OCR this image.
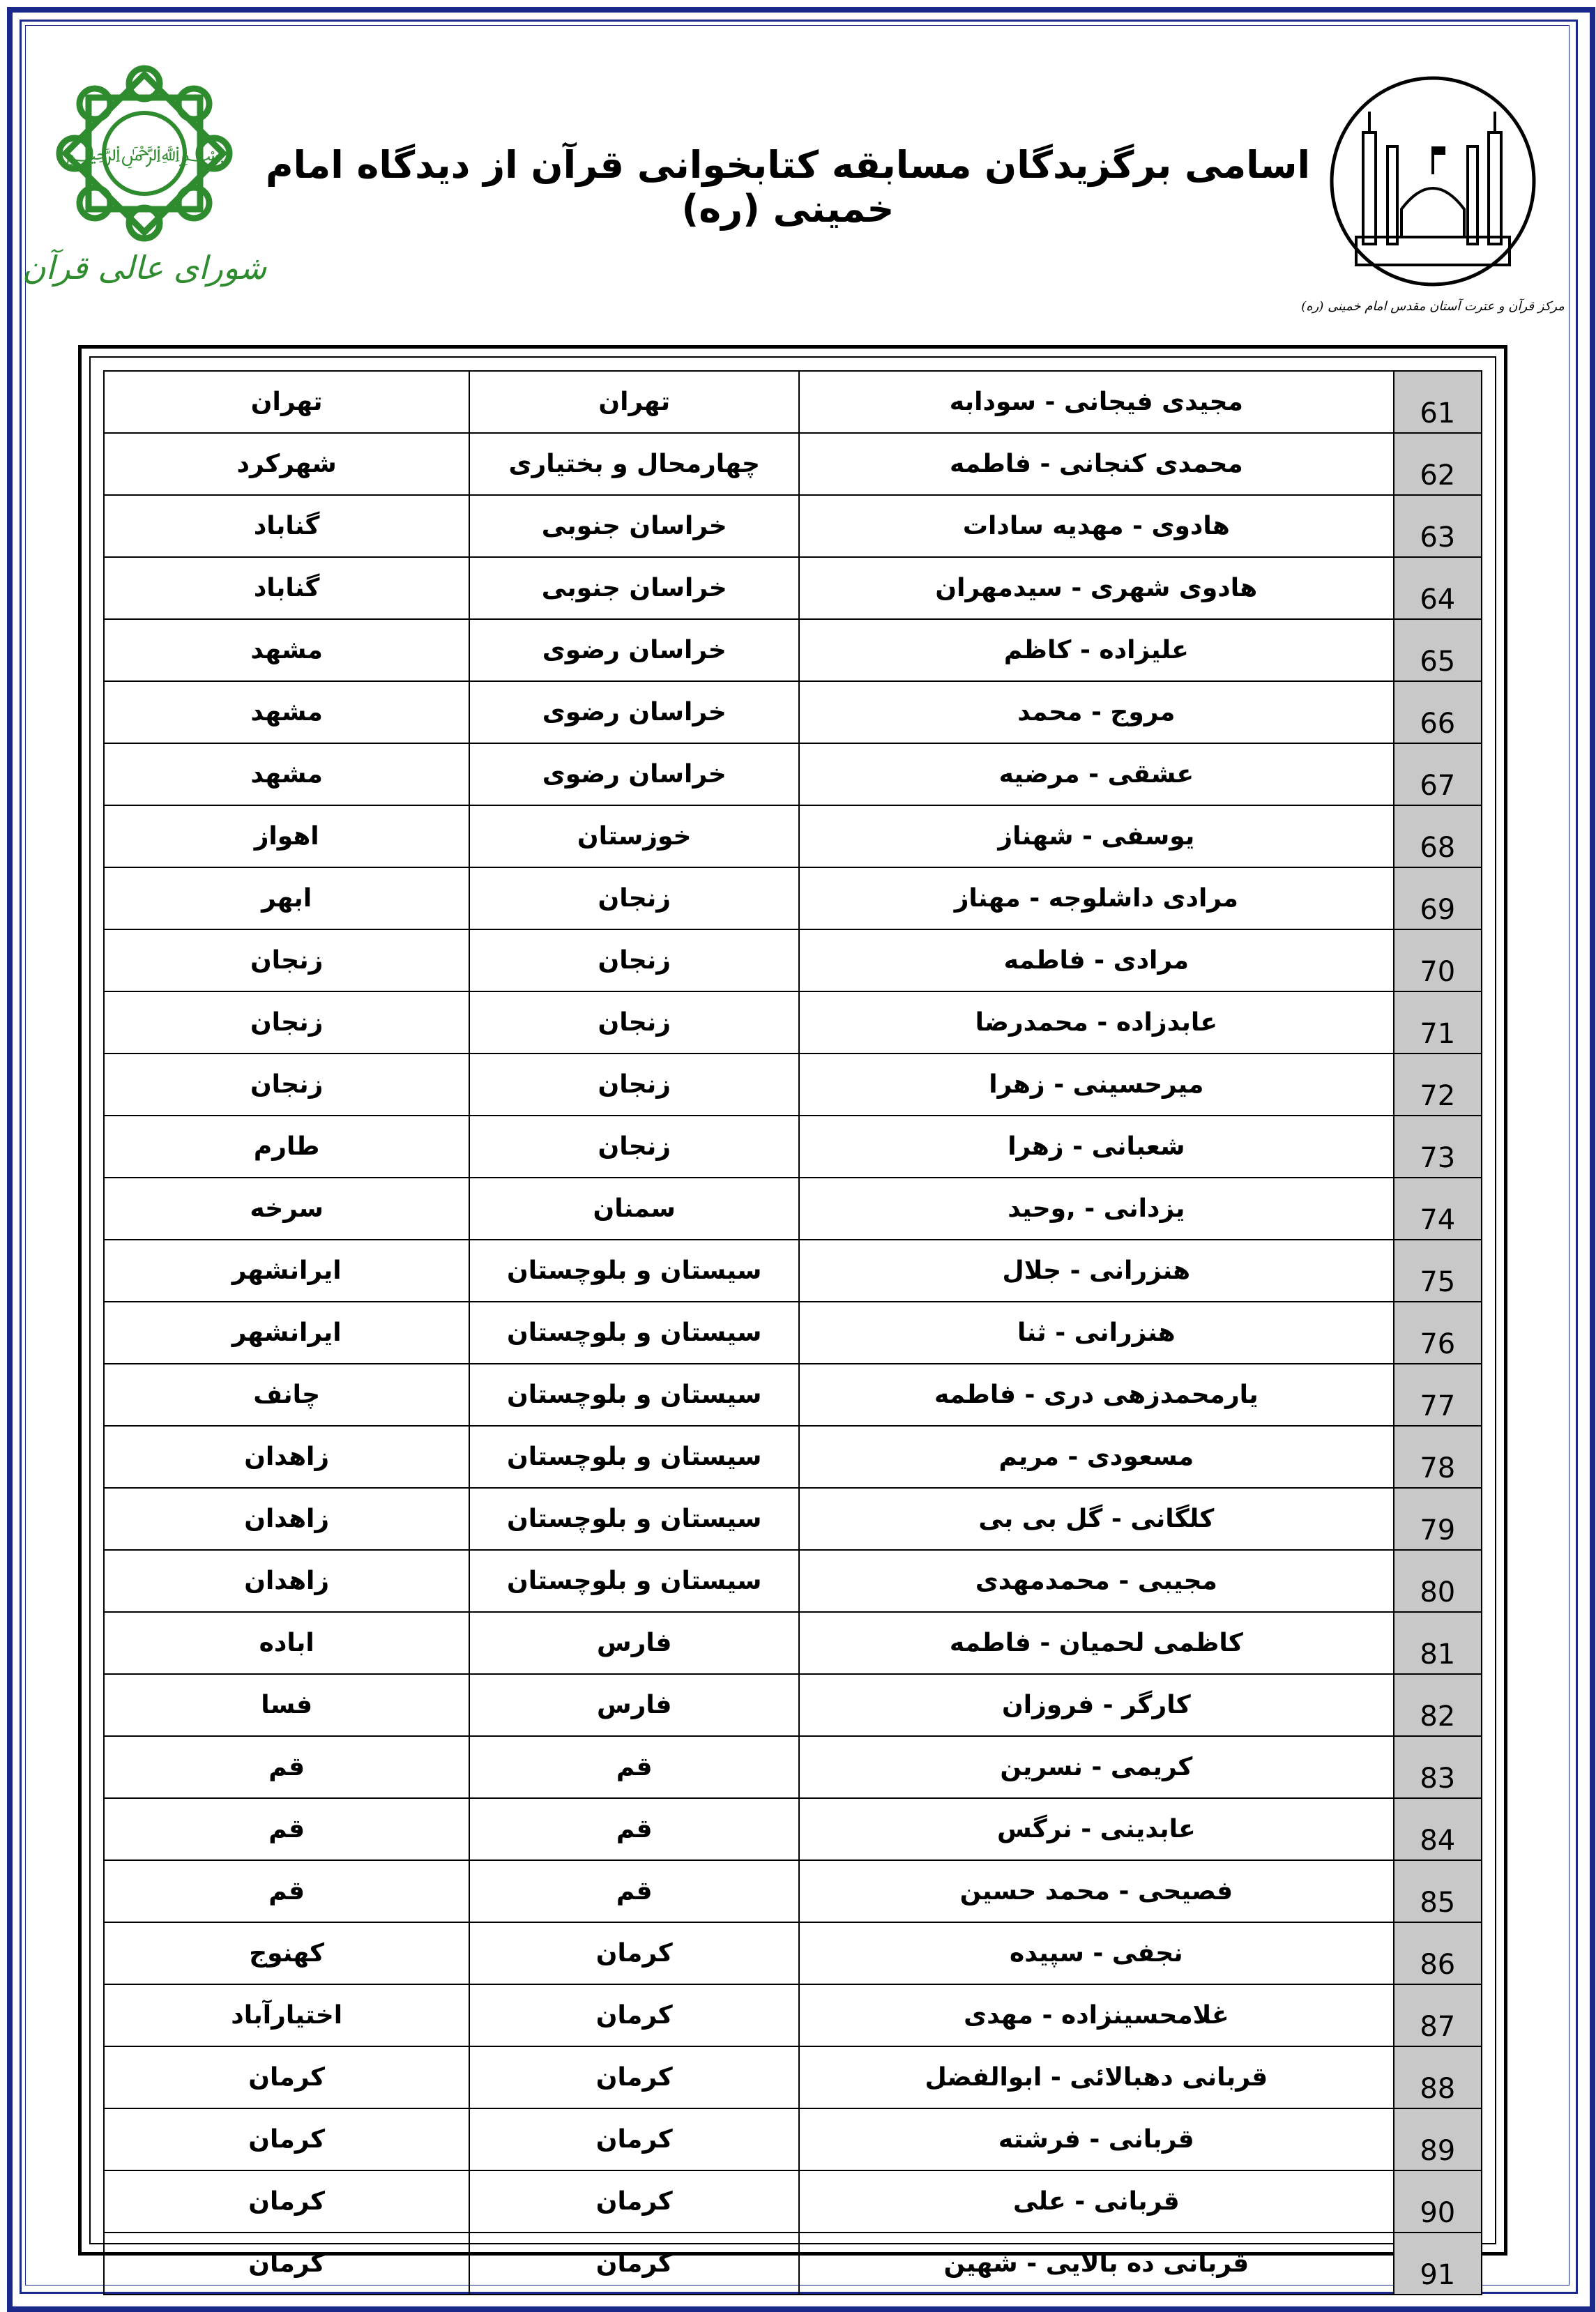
﷽
شورای عالی قرآن
اسامی برگزیدگان مسابقه کتابخوانی قرآن از دیدگاه امام خمینی (ره)
مرکز قرآن و عترت آستان مقدس امام خمینی (ره)
61	مجیدی فیجانی - سودابه	تهران	تهران
62	محمدی کنجانی - فاطمه	چهارمحال و بختیاری	شهرکرد
63	هادوی - مهدیه سادات	خراسان جنوبی	گناباد
64	هادوی شهری - سیدمهران	خراسان جنوبی	گناباد
65	علیزاده - کاظم	خراسان رضوی	مشهد
66	مروج - محمد	خراسان رضوی	مشهد
67	عشقی - مرضیه	خراسان رضوی	مشهد
68	یوسفی - شهناز	خوزستان	اهواز
69	مرادی داشلوجه - مهناز	زنجان	ابهر
70	مرادی - فاطمه	زنجان	زنجان
71	عابدزاده - محمدرضا	زنجان	زنجان
72	میرحسینی - زهرا	زنجان	زنجان
73	شعبانی - زهرا	زنجان	طارم
74	یزدانی - ,وحید	سمنان	سرخه
75	هنزرانی - جلال	سیستان و بلوچستان	ایرانشهر
76	هنزرانی - ثنا	سیستان و بلوچستان	ایرانشهر
77	یارمحمدزهی دری - فاطمه	سیستان و بلوچستان	چانف
78	مسعودی - مریم	سیستان و بلوچستان	زاهدان
79	کلگانی - گل بی بی	سیستان و بلوچستان	زاهدان
80	مجیبی - محمدمهدی	سیستان و بلوچستان	زاهدان
81	کاظمی لحمیان - فاطمه	فارس	اباده
82	کارگر - فروزان	فارس	فسا
83	کریمی - نسرین	قم	قم
84	عابدینی - نرگس	قم	قم
85	فصیحی - محمد حسین	قم	قم
86	نجفی - سپیده	کرمان	کهنوج
87	غلامحسینزاده - مهدی	کرمان	اختیارآباد
88	قربانی دهبالائی - ابوالفضل	کرمان	کرمان
89	قربانی - فرشته	کرمان	کرمان
90	قربانی - علی	کرمان	کرمان
91	قربانی ده بالایی - شهین	کرمان	کرمان
